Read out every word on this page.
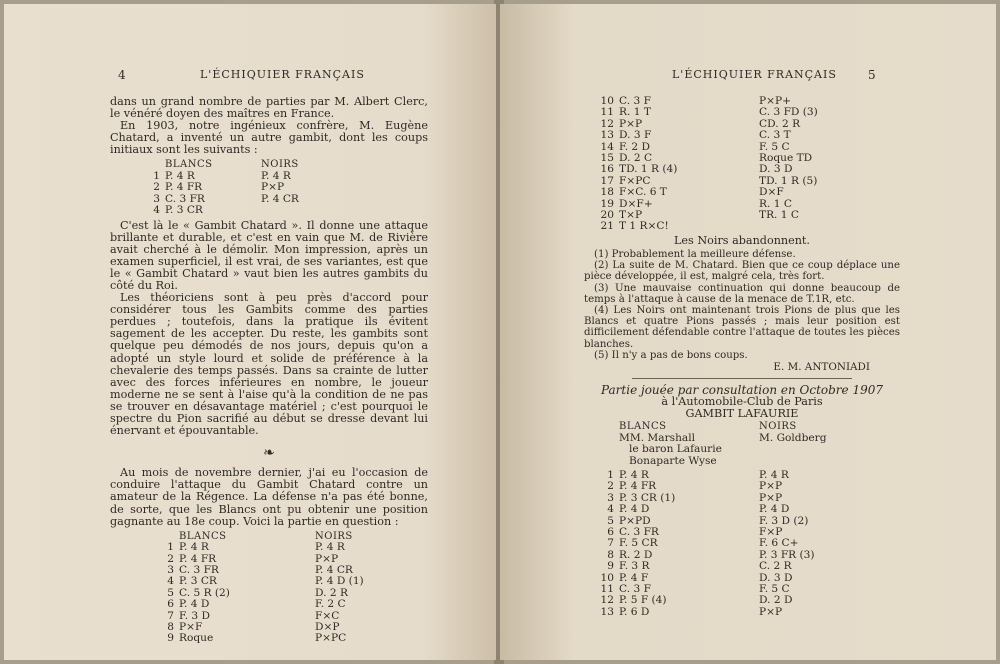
4	L'ÉCHIQUIER FRANÇAIS

dans un grand nombre de parties par M. Albert Clerc, le vénéré doyen des maîtres en France.

En 1903, notre ingénieux confrère, M. Eugène Chatard, a inventé un autre gambit, dont les coups initiaux sont les suivants :

BLANCS	NOIRS
1 P. 4 R	P. 4 R
2 P. 4 FR	P×P
3 C. 3 FR	P. 4 CR
4 P. 3 CR

C'est là le « Gambit Chatard ». Il donne une attaque brillante et durable, et c'est en vain que M. de Rivière avait cherché à le démolir. Mon impression, après un examen superficiel, il est vrai, de ses variantes, est que le « Gambit Chatard » vaut bien les autres gambits du côté du Roi.

Les théoriciens sont à peu près d'accord pour considérer tous les Gambits comme des parties perdues ; toutefois, dans la pratique ils évitent sagement de les accepter. Du reste, les gambits sont quelque peu démodés de nos jours, depuis qu'on a adopté un style lourd et solide de préférence à la chevalerie des temps passés. Dans sa crainte de lutter avec des forces inférieures en nombre, le joueur moderne ne se sent à l'aise qu'à la condition de ne pas se trouver en désavantage matériel ; c'est pourquoi le spectre du Pion sacrifié au début se dresse devant lui énervant et épouvantable.

❧

Au mois de novembre dernier, j'ai eu l'occasion de conduire l'attaque du Gambit Chatard contre un amateur de la Régence. La défense n'a pas été bonne, de sorte, que les Blancs ont pu obtenir une position gagnante au 18e coup. Voici la partie en question :

BLANCS	NOIRS
1 P. 4 R	P. 4 R
2 P. 4 FR	P×P
3 C. 3 FR	P. 4 CR
4 P. 3 CR	P. 4 D (1)
5 C. 5 R (2)	D. 2 R
6 P. 4 D	F. 2 C
7 F. 3 D	F×C
8 P×F	D×P
9 Roque	P×PC
L'ÉCHIQUIER FRANÇAIS	5
10 C. 3 F	P×P+
11 R. 1 T	C. 3 FD (3)
12 P×P	CD. 2 R
13 D. 3 F	C. 3 T
14 F. 2 D	F. 5 C
15 D. 2 C	Roque TD
16 TD. 1 R (4)	D. 3 D
17 F×PC	TD. 1 R (5)
18 F×C. 6 T	D×F
19 D×F+	R. 1 C
20 T×P	TR. 1 C
21 T 1 R×C!
Les Noirs abandonnent.

(1) Probablement la meilleure défense.

(2) La suite de M. Chatard. Bien que ce coup déplace une pièce développée, il est, malgré cela, très fort.

(3) Une mauvaise continuation qui donne beaucoup de temps à l'attaque à cause de la menace de T.1R, etc.

(4) Les Noirs ont maintenant trois Pions de plus que les Blancs et quatre Pions passés ; mais leur position est difficilement défendable contre l'attaque de toutes les pièces blanches.

(5) Il n'y a pas de bons coups.

E. M. ANTONIADI
Partie jouée par consultation en Octobre 1907
à l'Automobile-Club de Paris
GAMBIT LAFAURIE
BLANCS	NOIRS
MM. Marshall	M. Goldberg
le baron Lafaurie
Bonaparte Wyse
1 P. 4 R	P. 4 R
2 P. 4 FR	P×P
3 P. 3 CR (1)	P×P
4 P. 4 D	P. 4 D
5 P×PD	F. 3 D (2)
6 C. 3 FR	F×P
7 F. 5 CR	F. 6 C+
8 R. 2 D	P. 3 FR (3)
9 F. 3 R	C. 2 R
10 P. 4 F	D. 3 D
11 C. 3 F	F. 5 C
12 P. 5 F (4)	D. 2 D
13 P. 6 D	P×P
